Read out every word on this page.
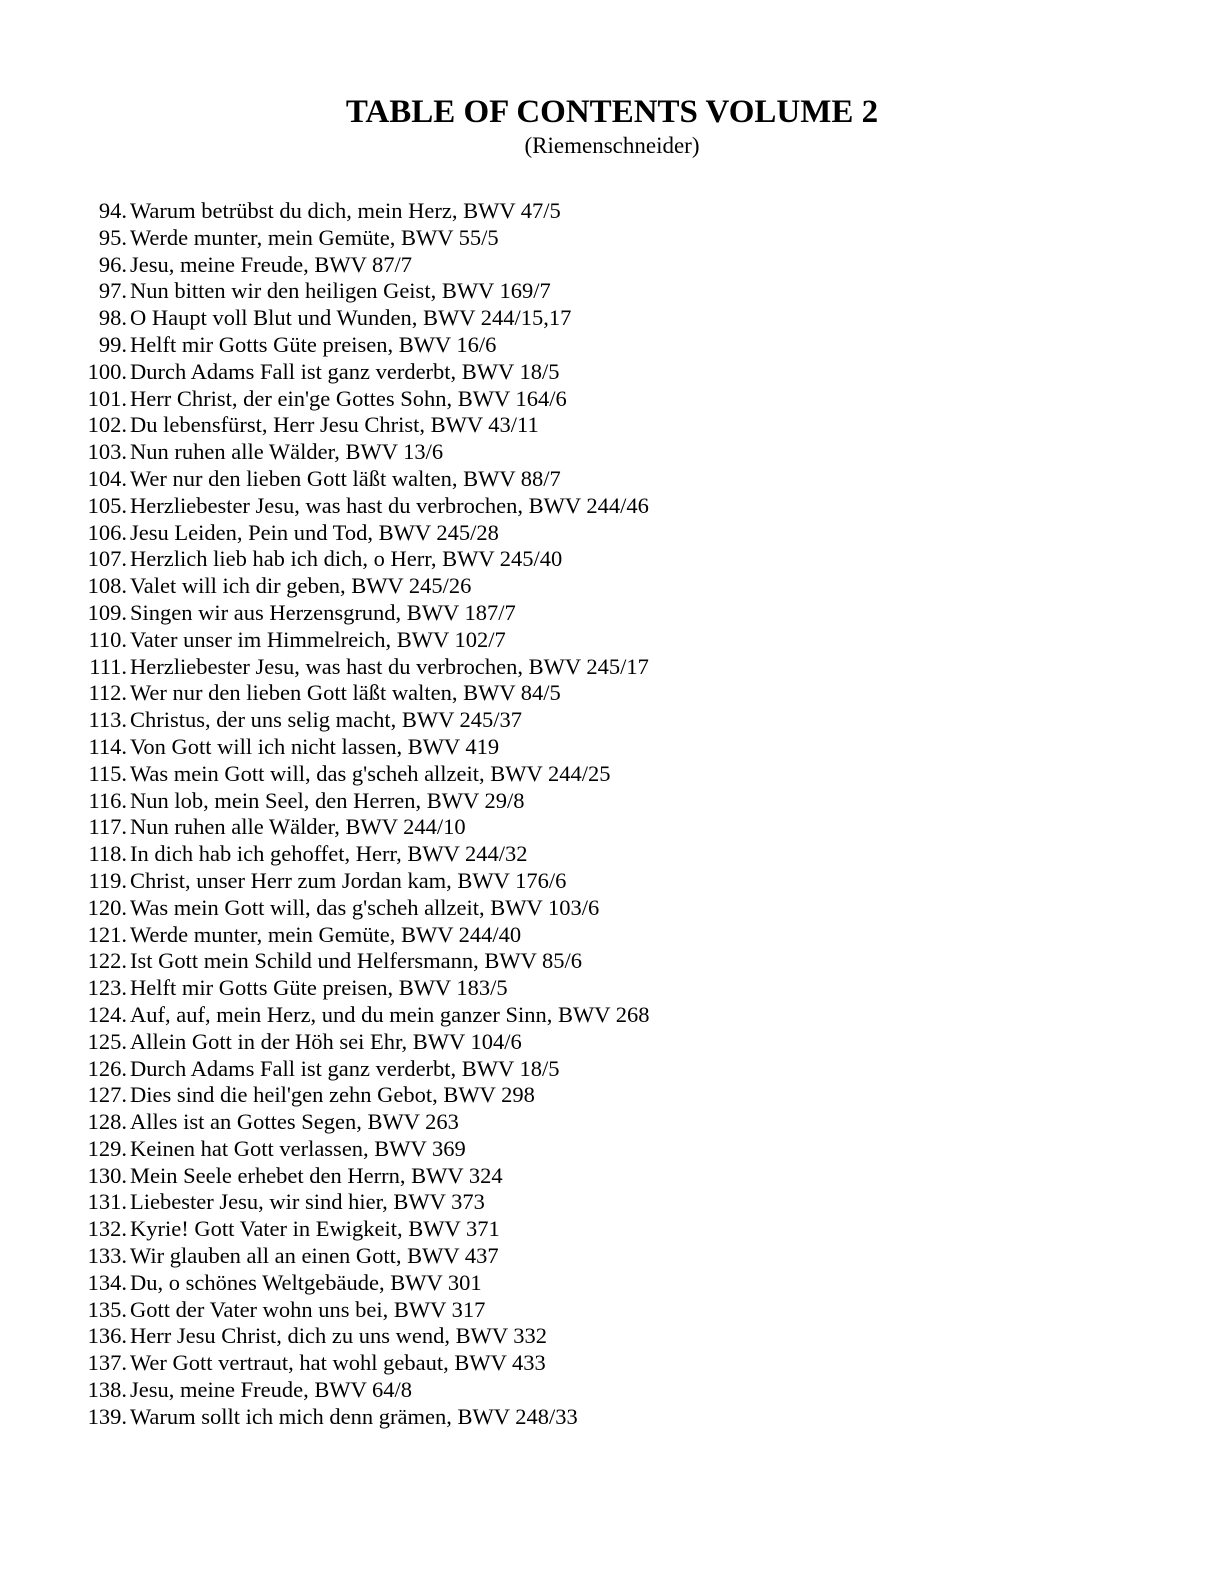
TABLE OF CONTENTS VOLUME 2

(Riemenschneider)

94. Warum betrübst du dich, mein Herz, BWV 47/5
95. Werde munter, mein Gemüte, BWV 55/5
96. Jesu, meine Freude, BWV 87/7
97. Nun bitten wir den heiligen Geist, BWV 169/7
98. O Haupt voll Blut und Wunden, BWV 244/15,17
99. Helft mir Gotts Güte preisen, BWV 16/6
100. Durch Adams Fall ist ganz verderbt, BWV 18/5
101. Herr Christ, der ein'ge Gottes Sohn, BWV 164/6
102. Du lebensfürst, Herr Jesu Christ, BWV 43/11
103. Nun ruhen alle Wälder, BWV 13/6
104. Wer nur den lieben Gott läßt walten, BWV 88/7
105. Herzliebester Jesu, was hast du verbrochen, BWV 244/46
106. Jesu Leiden, Pein und Tod, BWV 245/28
107. Herzlich lieb hab ich dich, o Herr, BWV 245/40
108. Valet will ich dir geben, BWV 245/26
109. Singen wir aus Herzensgrund, BWV 187/7
110. Vater unser im Himmelreich, BWV 102/7
111. Herzliebester Jesu, was hast du verbrochen, BWV 245/17
112. Wer nur den lieben Gott läßt walten, BWV 84/5
113. Christus, der uns selig macht, BWV 245/37
114. Von Gott will ich nicht lassen, BWV 419
115. Was mein Gott will, das g'scheh allzeit, BWV 244/25
116. Nun lob, mein Seel, den Herren, BWV 29/8
117. Nun ruhen alle Wälder, BWV 244/10
118. In dich hab ich gehoffet, Herr, BWV 244/32
119. Christ, unser Herr zum Jordan kam, BWV 176/6
120. Was mein Gott will, das g'scheh allzeit, BWV 103/6
121. Werde munter, mein Gemüte, BWV 244/40
122. Ist Gott mein Schild und Helfersmann, BWV 85/6
123. Helft mir Gotts Güte preisen, BWV 183/5
124. Auf, auf, mein Herz, und du mein ganzer Sinn, BWV 268
125. Allein Gott in der Höh sei Ehr, BWV 104/6
126. Durch Adams Fall ist ganz verderbt, BWV 18/5
127. Dies sind die heil'gen zehn Gebot, BWV 298
128. Alles ist an Gottes Segen, BWV 263
129. Keinen hat Gott verlassen, BWV 369
130. Mein Seele erhebet den Herrn, BWV 324
131. Liebester Jesu, wir sind hier, BWV 373
132. Kyrie! Gott Vater in Ewigkeit, BWV 371
133. Wir glauben all an einen Gott, BWV 437
134. Du, o schönes Weltgebäude, BWV 301
135. Gott der Vater wohn uns bei, BWV 317
136. Herr Jesu Christ, dich zu uns wend, BWV 332
137. Wer Gott vertraut, hat wohl gebaut, BWV 433
138. Jesu, meine Freude, BWV 64/8
139. Warum sollt ich mich denn grämen, BWV 248/33
